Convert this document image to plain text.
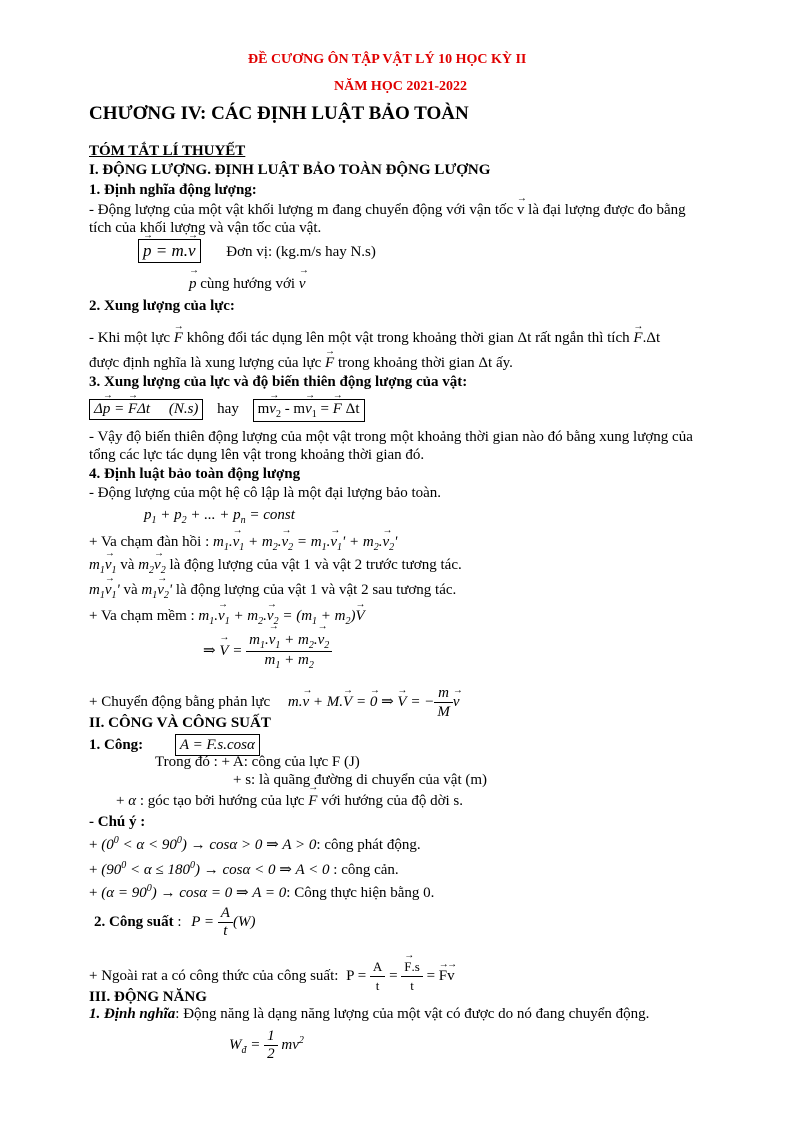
ĐỀ CƯƠNG ÔN TẬP VẬT LÝ 10 HỌC KỲ II
NĂM HỌC 2021-2022
CHƯƠNG IV: CÁC ĐỊNH LUẬT BẢO TOÀN
TÓM TẮT LÍ THUYẾT
I. ĐỘNG LƯỢNG. ĐỊNH LUẬT BẢO TOÀN ĐỘNG LƯỢNG
1. Định nghĩa động lượng:
- Động lượng của một vật khối lượng m đang chuyển động với vận tốc → v là đại lượng được đo bằng
tích của khối lượng và vận tốc của vật.
→ p = m.→ v Đơn vị: (kg.m/s hay N.s)
→ p cùng hướng với → v
2. Xung lượng của lực:
- Khi một lực → F không đổi tác dụng lên một vật trong khoảng thời gian Δt rất ngắn thì tích → F.Δt
được định nghĩa là xung lượng của lực → F trong khoảng thời gian Δt ấy.
3. Xung lượng của lực và độ biến thiên động lượng của vật:
Δ→ p = → FΔt     (N.s) hay $m\to v_2 - m\to v_1$ = → F Δt
- Vậy độ biến thiên động lượng của một vật trong một khoảng thời gian nào đó bằng xung lượng của
tổng các lực tác dụng lên vật trong khoảng thời gian đó.
4. Định luật bảo toàn động lượng
- Động lượng của một hệ cô lập là một đại lượng bảo toàn.
$p_1 + p_2$ + ... + $p_n$ = const
+ Va chạm đàn hồi : $m_1.\to v_1 + m_2.\to v_2 = m_1.\to v_1' + m_2.\to v_2'$
$m_1\to v_1$ và $m_2\to v_2$ là động lượng của vật 1 và vật 2 trước tương tác.
$m_1\to v_1'$ và $m_1\to v_2'$ là động lượng của vật 1 và vật 2 sau tương tác.
+ Va chạm mềm : $m_1.\to v_1 + m_2.\to v_2 = (m_1 + m_2)\to V$
⇒ → $V = \frac{m_1.\to v_1 + m_2.\to v_2}{m_1 + m_2}$
+ Chuyển động bằng phản lực m.→ v + M.→ V = → 0 ⇒ → V = − $\frac{m}{M}$
→ v
II. CÔNG VÀ CÔNG SUẤT
1. Công: A = F.s.cosα
Trong đó : + A: công của lực F (J)
+ s: là quãng đường di chuyển của vật (m)
+ α : góc tạo bởi hướng của lực → F với hướng của độ dời s.
- Chú ý :
+ $(0^0 < \alpha < 90^0) \to \cos\alpha > 0$ ⇒ A > 0: công phát động.
+ $(90^0 < \alpha \le 180^0) \to \cos\alpha < 0$ ⇒ A < 0 : công cản.
+ $(\alpha = 90^0) \to \cos\alpha = 0$ ⇒ A = 0: Công thực hiện bằng 0.
2. Công suất : $P = \frac{A}{t} (W)$
+ Ngoài rat a có công thức của công suất: $P = \frac{A}{t}$ =
→ $\frac{F.s}{t}$ = → F→ v
III. ĐỘNG NĂNG
1. Định nghĩa: Động năng là dạng năng lượng của một vật có được do nó đang chuyển động.
$W_đ = \frac{1}{2} mv^2$
